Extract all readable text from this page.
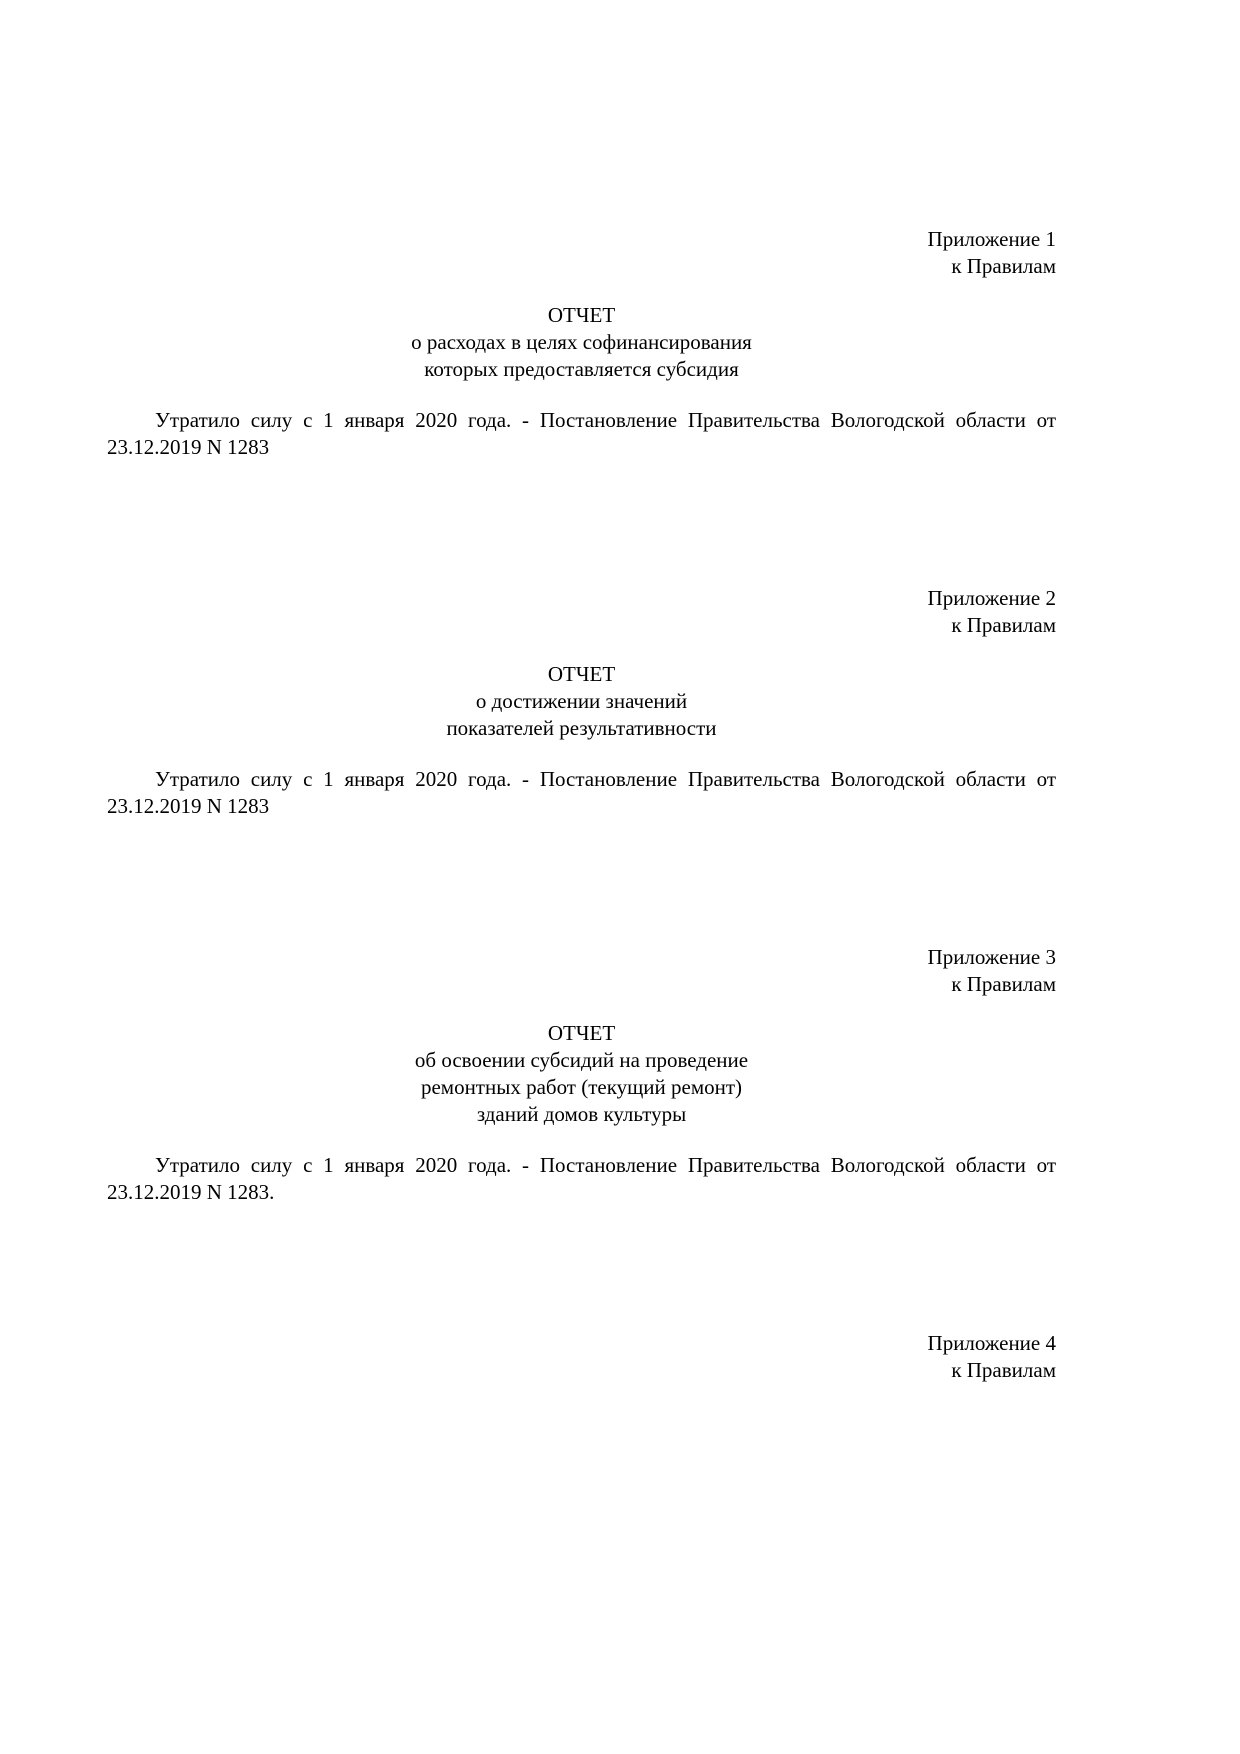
Приложение 1
к Правилам
ОТЧЕТ
о расходах в целях софинансирования
которых предоставляется субсидия

Утратило силу с 1 января 2020 года. - Постановление Правительства Вологодской области от 23.12.2019 N 1283

Приложение 2
к Правилам
ОТЧЕТ
о достижении значений
показателей результативности

Утратило силу с 1 января 2020 года. - Постановление Правительства Вологодской области от 23.12.2019 N 1283

Приложение 3
к Правилам
ОТЧЕТ
об освоении субсидий на проведение
ремонтных работ (текущий ремонт)
зданий домов культуры

Утратило силу с 1 января 2020 года. - Постановление Правительства Вологодской области от 23.12.2019 N 1283.

Приложение 4
к Правилам
